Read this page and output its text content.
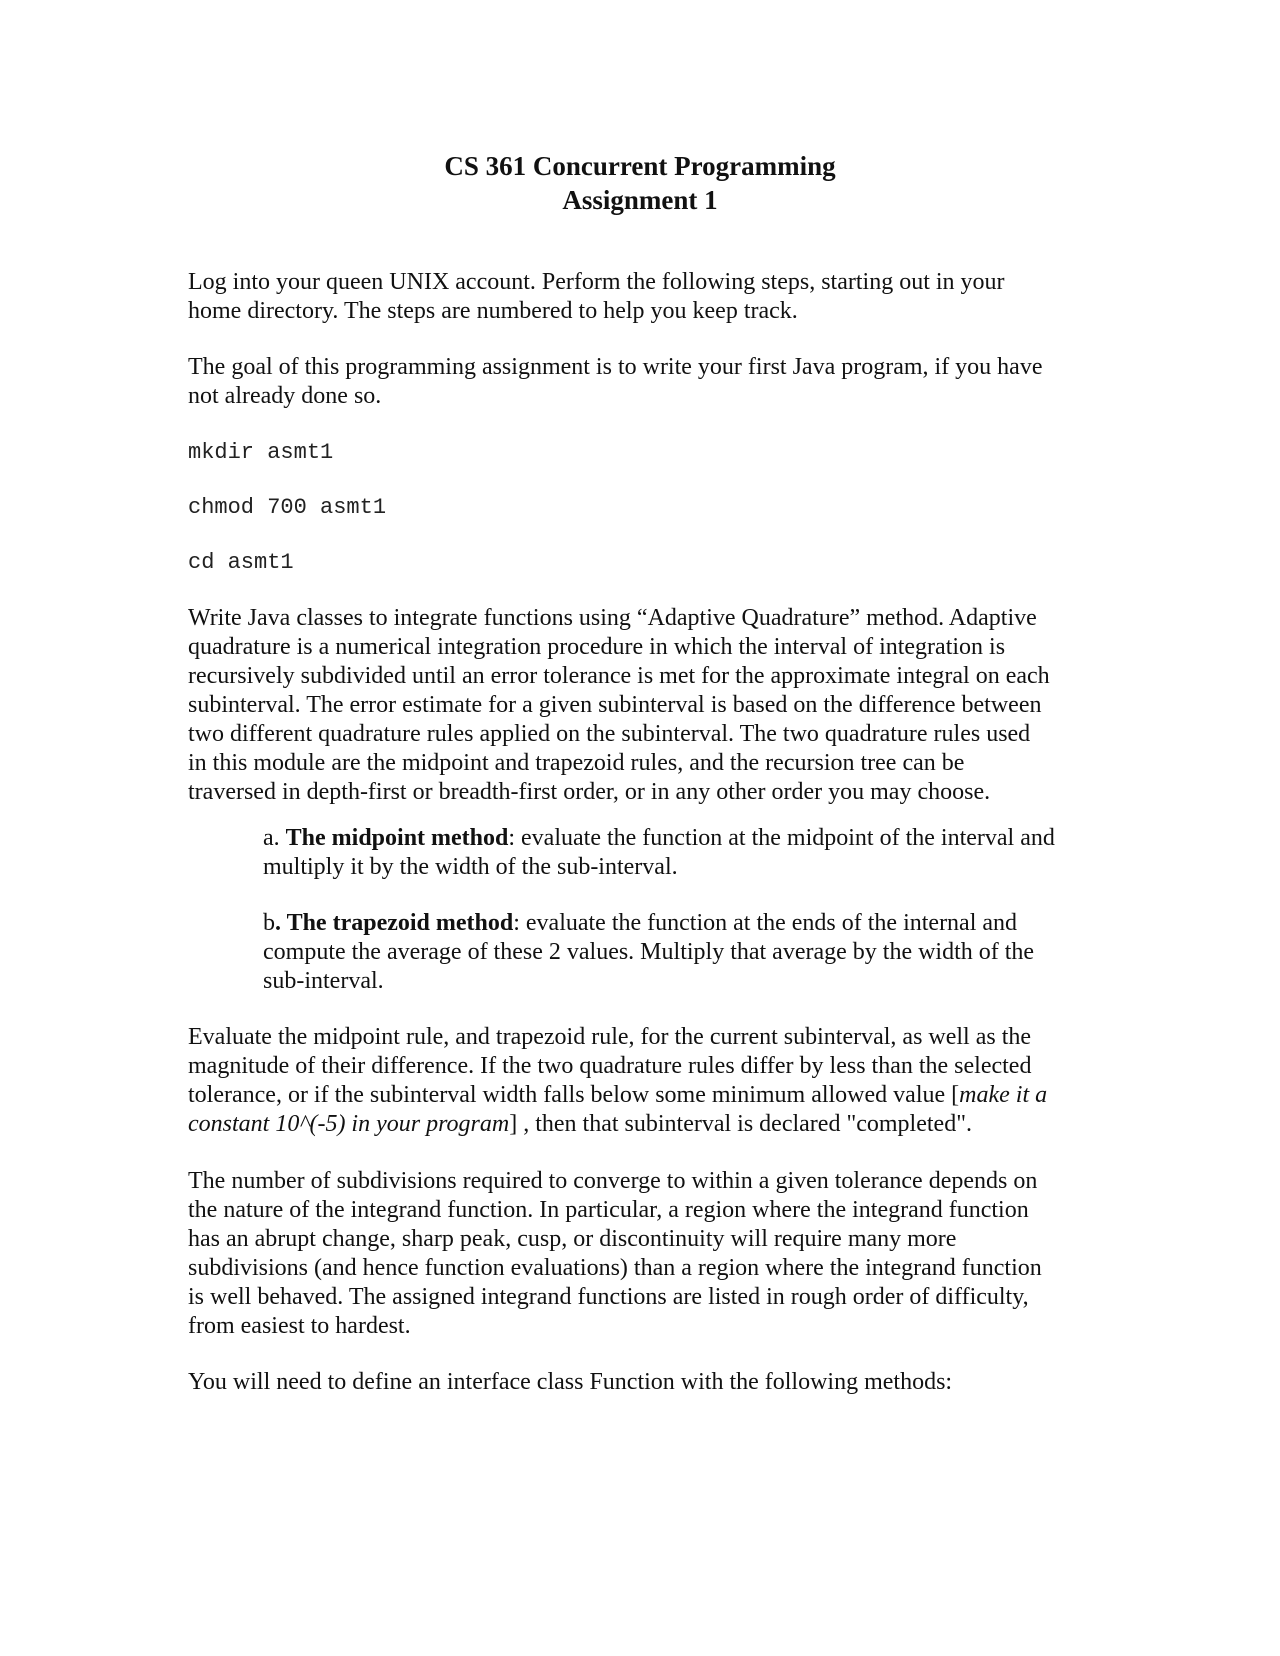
CS 361 Concurrent Programming
Assignment 1

Log into your queen UNIX account. Perform the following steps, starting out in your
home directory. The steps are numbered to help you keep track.

The goal of this programming assignment is to write your first Java program, if you have
not already done so.

mkdir asmt1

chmod 700 asmt1

cd asmt1

Write Java classes to integrate functions using “Adaptive Quadrature” method. Adaptive
quadrature is a numerical integration procedure in which the interval of integration is
recursively subdivided until an error tolerance is met for the approximate integral on each
subinterval. The error estimate for a given subinterval is based on the difference between
two different quadrature rules applied on the subinterval. The two quadrature rules used
in this module are the midpoint and trapezoid rules, and the recursion tree can be
traversed in depth-first or breadth-first order, or in any other order you may choose.

a. The midpoint method: evaluate the function at the midpoint of the interval and
multiply it by the width of the sub-interval.

b. The trapezoid method: evaluate the function at the ends of the internal and
compute the average of these 2 values. Multiply that average by the width of the
sub-interval.

Evaluate the midpoint rule, and trapezoid rule, for the current subinterval, as well as the
magnitude of their difference. If the two quadrature rules differ by less than the selected
tolerance, or if the subinterval width falls below some minimum allowed value [make it a
constant 10^(-5) in your program] , then that subinterval is declared "completed".

The number of subdivisions required to converge to within a given tolerance depends on
the nature of the integrand function. In particular, a region where the integrand function
has an abrupt change, sharp peak, cusp, or discontinuity will require many more
subdivisions (and hence function evaluations) than a region where the integrand function
is well behaved. The assigned integrand functions are listed in rough order of difficulty,
from easiest to hardest.

You will need to define an interface class Function with the following methods:
